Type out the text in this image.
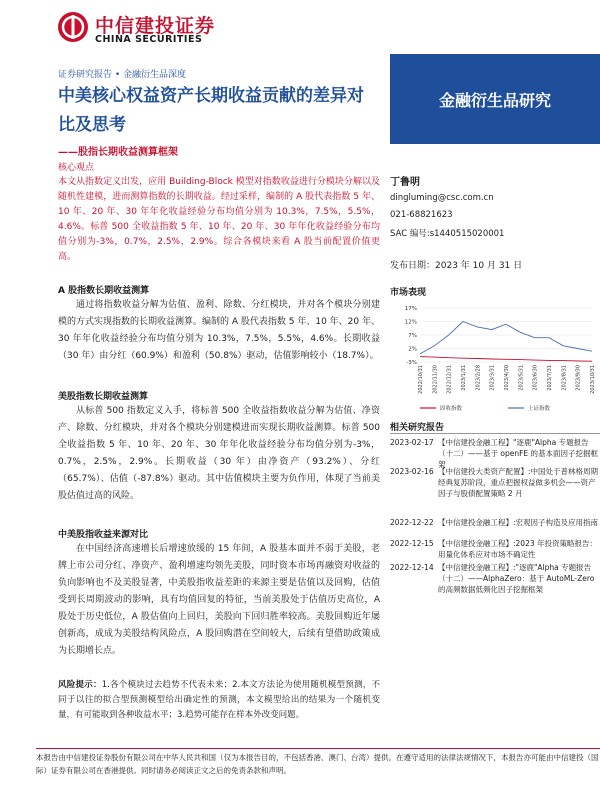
中信建投证券
CHINA SECURITIES
证券研究报告 • 金融衍生品深度
金融衍生品研究
中美核心权益资产长期收益贡献的差异对比及思考
——股指长期收益测算框架
核心观点
本文从指数定义出发，应用 Building-Block 模型对指数收益进行分模块分解以及随机性建模，进而测算指数的长期收益。经过采样，编制的 A 股代表指数 5 年、10 年、20 年、30 年年化收益经验分布均值分别为 10.3%，7.5%，5.5%，4.6%。标普 500 全收益指数 5 年、10 年、20 年、30 年年化收益经验分布均值分别为-3%，0.7%，2.5%，2.9%。综合各模块来看 A 股当前配置价值更高。
A 股指数长期收益测算

通过将指数收益分解为估值、盈利、除数、分红模块，并对各个模块分别建模的方式实现指数的长期收益测算。编制的 A 股代表指数 5 年、10 年、20 年、30 年年化收益经验分布均值分别为 10.3%，7.5%，5.5%，4.6%。长期收益（30 年）由分红（60.9%）和盈利（50.8%）驱动，估值影响较小（18.7%）。

美股指数长期收益测算

从标普 500 指数定义入手，将标普 500 全收益指数收益分解为估值、净资产、除数、分红模块，并对各个模块分别建模进而实现长期收益测算。标普 500 全收益指数 5 年、10 年、20 年、30 年年化收益经验分布均值分别为-3%，0.7%，2.5%，2.9%。长期收益（30 年）由净资产（93.2%）、分红（65.7%）、估值（-87.8%）驱动。其中估值模块主要为负作用，体现了当前美股估值过高的风险。

中美股指收益来源对比

在中国经济高速增长后增速放缓的 15 年间，A 股基本面并不弱于美股，老牌上市公司分红、净资产、盈利增速均领先美股，同时资本市场再融资对收益的负向影响也不及美股显著，中美股指收益差距的来源主要是估值以及回购，估值受到长周期波动的影响，具有均值回复的特征，当前美股处于估值历史高位，A 股处于历史低位，A 股估值向上回归，美股向下回归胜率较高。美股回购近年屡创新高，成成为美股结构风险点，A 股回购潜在空间较大，后续有望借助政策成为长期增长点。

风险提示：1.各个模块过去趋势不代表未来；2.本文方法论为使用随机模型预测，不同于以往的拟合型预测模型给出确定性的预测，本文模型给出的结果为一个随机变量，有可能取到各种收益水平；3.趋势可能存在样本外改变问题。
丁鲁明
dingluming@csc.com.cn
021-68821623
SAC 编号:s1440515020001
发布日期：2023 年 10 月 31 日
市场表现
17%
12%
7%
2%
-3%
2022/10/31 2022/11/30 2022/12/31 2023/1/31 2023/2/28 2023/3/31 2023/4/30 2023/5/31 2023/6/30 2023/7/31 2023/8/31 2023/9/30 2023/10/31
固收指数	上证指数
相关研究报告
2023-02-17 【中信建投金融工程】"逐鹿"Alpha 专题报告（十二）——基于 openFE 的基本面因子挖掘框架
2023-02-16 【中信建投大类资产配置】:中国处于普林格周期经典复苏阶段，重点把握权益做多机会——资产因子与股债配置策略 2 月
2022-12-22 【中信建投金融工程】:宏观因子构造及应用指南
2022-12-15 【中信建投金融工程】:2023 年投资策略报告：用量化体系应对市场不确定性
2022-12-14 【中信建投金融工程】:"逐鹿"Alpha 专题报告（十二）——AlphaZero：基于 AutoML-Zero 的高频数据低频化因子挖掘框架
本报告由中信建投证券股份有限公司在中华人民共和国（仅为本报告目的，不包括香港、澳门、台湾）提供。在遵守适用的法律法规情况下，本报告亦可能由中信建投（国际）证券有限公司在香港提供。同时请务必阅读正文之后的免责条款和声明。
